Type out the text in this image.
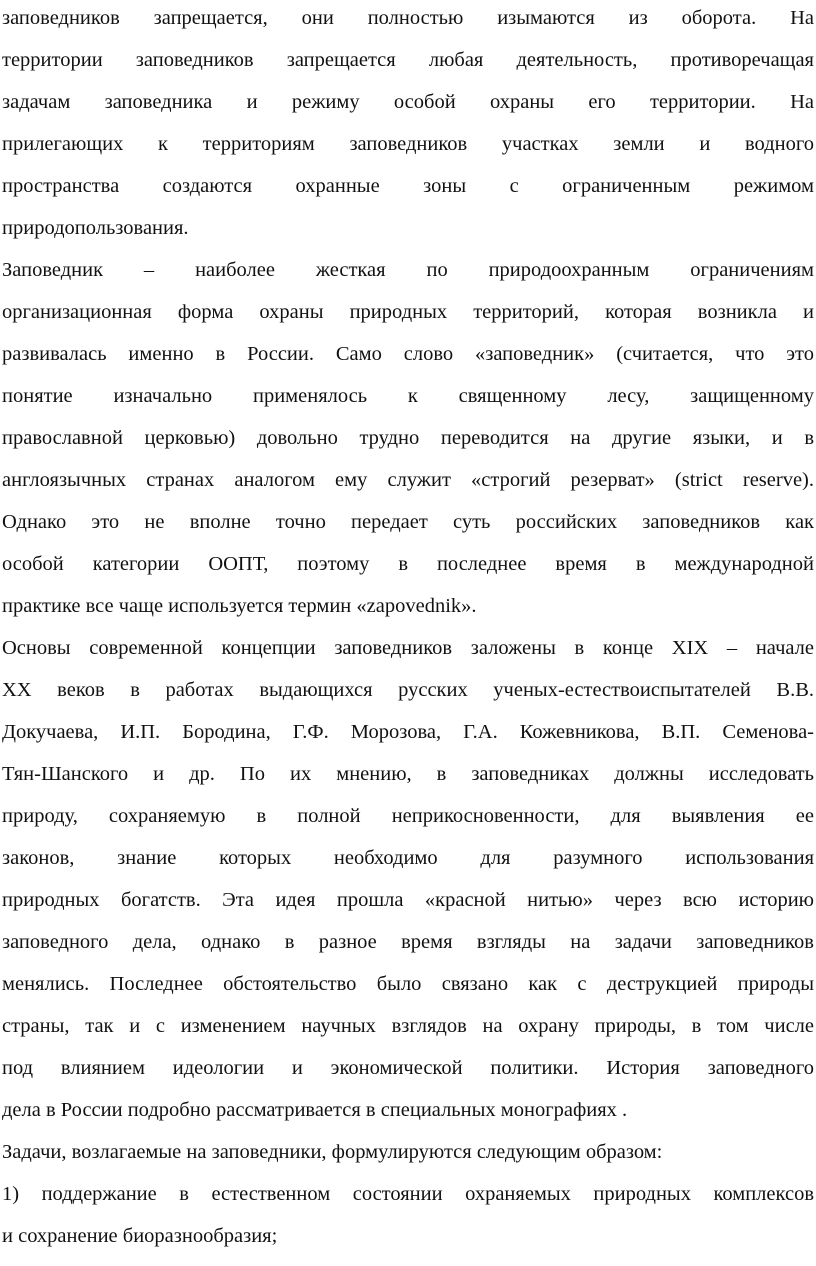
заповедников запрещается, они полностью изымаются из оборота. На
территории заповедников запрещается любая деятельность, противоречащая
задачам заповедника и режиму особой охраны его территории. На
прилегающих к территориям заповедников участках земли и водного
пространства создаются охранные зоны с ограниченным режимом
природопользования.
Заповедник – наиболее жесткая по природоохранным ограничениям
организационная форма охраны природных территорий, которая возникла и
развивалась именно в России. Само слово «заповедник» (считается, что это
понятие изначально применялось к священному лесу, защищенному
православной церковью) довольно трудно переводится на другие языки, и в
англоязычных странах аналогом ему служит «строгий резерват» (strict reserve).
Однако это не вполне точно передает суть российских заповедников как
особой категории ООПТ, поэтому в последнее время в международной
практике все чаще используется термин «zapovednik».
Основы современной концепции заповедников заложены в конце XIX – начале
XX веков в работах выдающихся русских ученых-естествоиспытателей В.В.
Докучаева, И.П. Бородина, Г.Ф. Морозова, Г.А. Кожевникова, В.П. Семенова-
Тян-Шанского и др. По их мнению, в заповедниках должны исследовать
природу, сохраняемую в полной неприкосновенности, для выявления ее
законов, знание которых необходимо для разумного использования
природных богатств. Эта идея прошла «красной нитью» через всю историю
заповедного дела, однако в разное время взгляды на задачи заповедников
менялись. Последнее обстоятельство было связано как с деструкцией природы
страны, так и с изменением научных взглядов на охрану природы, в том числе
под влиянием идеологии и экономической политики. История заповедного
дела в России подробно рассматривается в специальных монографиях .
Задачи, возлагаемые на заповедники, формулируются следующим образом:
1) поддержание в естественном состоянии охраняемых природных комплексов
и сохранение биоразнообразия;
